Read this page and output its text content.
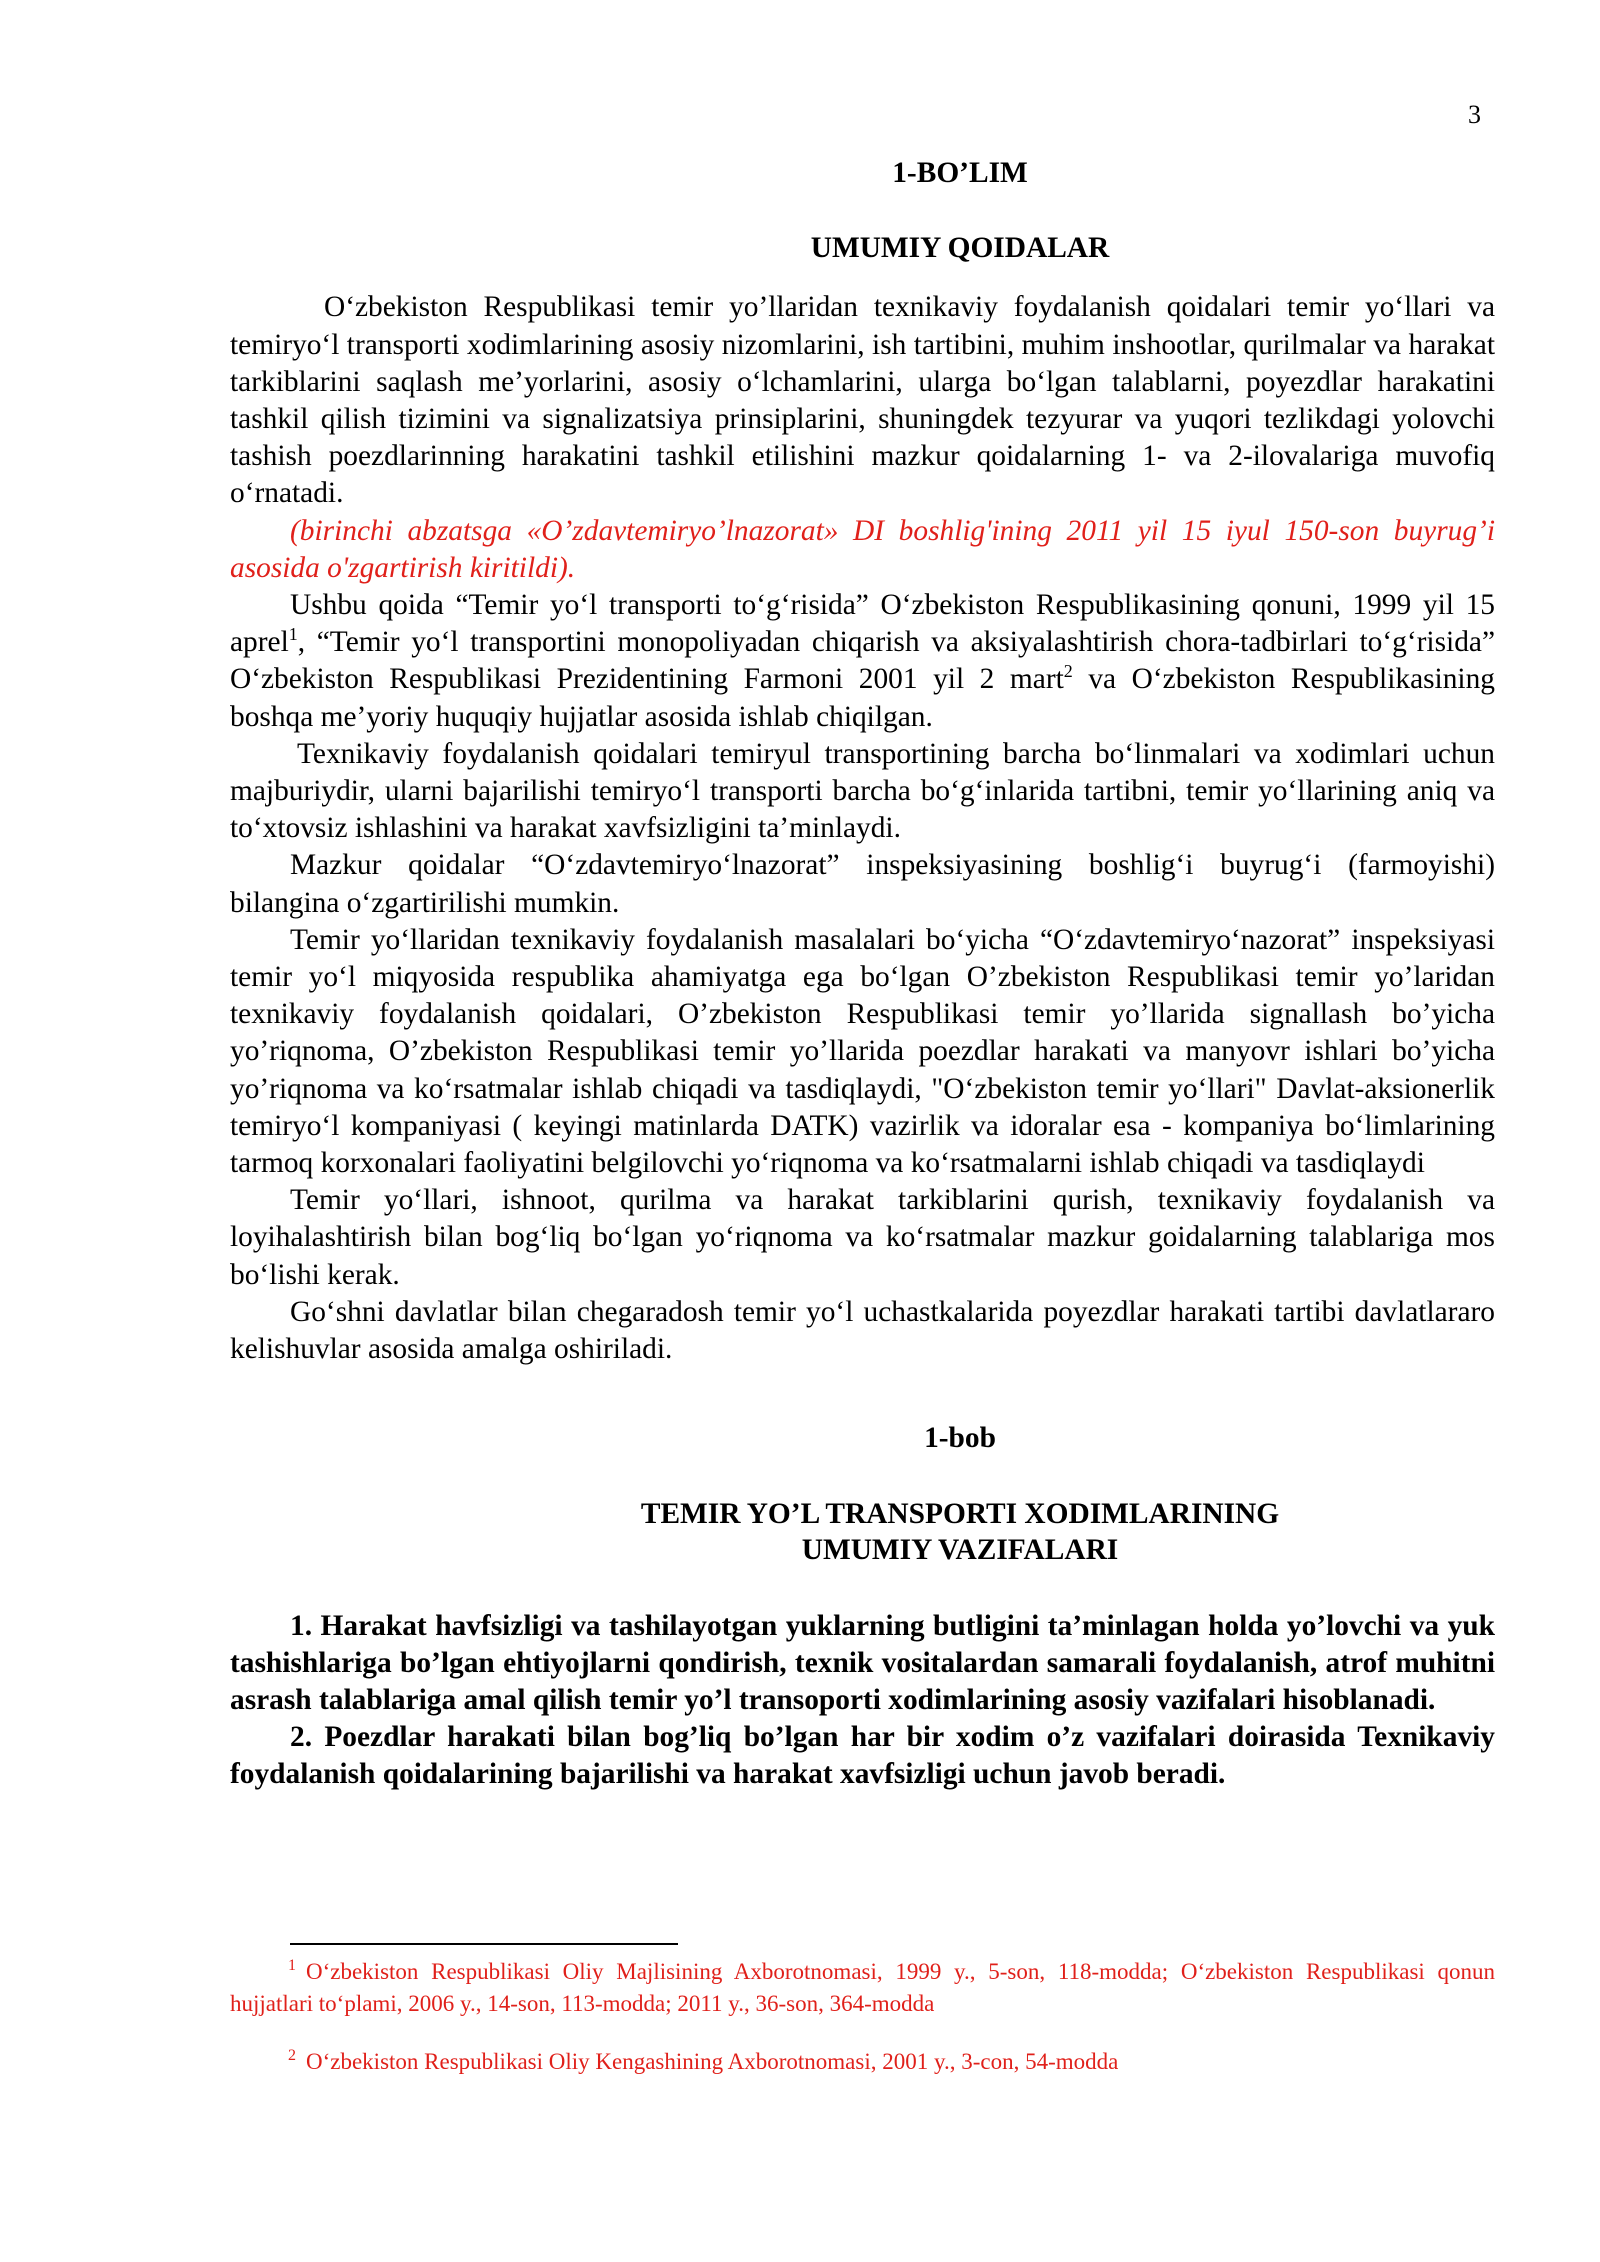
3
1-BO’LIM
UMUMIY QOIDALAR

O‘zbekiston Respublikasi temir yo’llaridan texnikaviy foydalanish qoidalari temir yo‘llari va temiryo‘l transporti xodimlarining asosiy nizomlarini, ish tartibini, muhim inshootlar, qurilmalar va harakat tarkiblarini saqlash me’yorlarini, asosiy o‘lchamlarini, ularga bo‘lgan talablarni, poyezdlar harakatini tashkil qilish tizimini va signalizatsiya prinsiplarini, shuningdek tezyurar va yuqori tezlikdagi yolovchi tashish poezdlarinning harakatini tashkil etilishini mazkur qoidalarning 1- va 2-ilovalariga muvofiq o‘rnatadi.

(birinchi abzatsga «O’zdavtemiryo’lnazorat» DI boshlig'ining 2011 yil 15 iyul 150-son buyrug’i asosida o'zgartirish kiritildi).

Ushbu qoida “Temir yo‘l transporti to‘g‘risida” O‘zbekiston Respublikasining qonuni, 1999 yil 15 aprel$^1$, “Temir yo‘l transportini monopoliyadan chiqarish va aksiyalashtirish chora-tadbirlari to‘g‘risida” O‘zbekiston Respublikasi Prezidentining Farmoni 2001 yil 2 mart$^2$ va O‘zbekiston Respublikasining boshqa me’yoriy huquqiy hujjatlar asosida ishlab chiqilgan.

Texnikaviy foydalanish qoidalari temiryul transportining barcha bo‘linmalari va xodimlari uchun majburiydir, ularni bajarilishi temiryo‘l transporti barcha bo‘g‘inlarida tartibni, temir yo‘llarining aniq va to‘xtovsiz ishlashini va harakat xavfsizligini ta’minlaydi.

Mazkur qoidalar “O‘zdavtemiryo‘lnazorat” inspeksiyasining boshlig‘i buyrug‘i (farmoyishi) bilangina o‘zgartirilishi mumkin.

Temir yo‘llaridan texnikaviy foydalanish masalalari bo‘yicha “O‘zdavtemiryo‘nazorat” inspeksiyasi temir yo‘l miqyosida respublika ahamiyatga ega bo‘lgan O’zbekiston Respublikasi temir yo’laridan texnikaviy foydalanish qoidalari, O’zbekiston Respublikasi temir yo’llarida signallash bo’yicha yo’riqnoma, O’zbekiston Respublikasi temir yo’llarida poezdlar harakati va manyovr ishlari bo’yicha yo’riqnoma va ko‘rsatmalar ishlab chiqadi va tasdiqlaydi, "O‘zbekiston temir yo‘llari" Davlat-aksionerlik temiryo‘l kompaniyasi ( keyingi matinlarda DATK) vazirlik va idoralar esa - kompaniya bo‘limlarining tarmoq korxonalari faoliyatini belgilovchi yo‘riqnoma va ko‘rsatmalarni ishlab chiqadi va tasdiqlaydi

Temir yo‘llari, ishnoot, qurilma va harakat tarkiblarini qurish, texnikaviy foydalanish va loyihalashtirish bilan bog‘liq bo‘lgan yo‘riqnoma va ko‘rsatmalar mazkur goidalarning talablariga mos bo‘lishi kerak.

Go‘shni davlatlar bilan chegaradosh temir yo‘l uchastkalarida poyezdlar harakati tartibi davlatlararo kelishuvlar asosida amalga oshiriladi.

1-bob
TEMIR YO’L TRANSPORTI XODIMLARINING
UMUMIY VAZIFALARI

1. Harakat havfsizligi va tashilayotgan yuklarning butligini ta’minlagan holda yo’lovchi va yuk tashishlariga bo’lgan ehtiyojlarni qondirish, texnik vositalardan samarali foydalanish, atrof muhitni asrash talablariga amal qilish temir yo’l transoporti xodimlarining asosiy vazifalari hisoblanadi.

2. Poezdlar harakati bilan bog’liq bo’lgan har bir xodim o’z vazifalari doirasida Texnikaviy foydalanish qoidalarining bajarilishi va harakat xavfsizligi uchun javob beradi.

$^1$ O‘zbekiston Respublikasi Oliy Majlisining Axborotnomasi, 1999 y., 5-son, 118-modda; O‘zbekiston Respublikasi qonun hujjatlari to‘plami, 2006 y., 14-son, 113-modda; 2011 y., 36-son, 364-modda

$^2$ O‘zbekiston Respublikasi Oliy Kengashining Axborotnomasi, 2001 y., 3-con, 54-modda
